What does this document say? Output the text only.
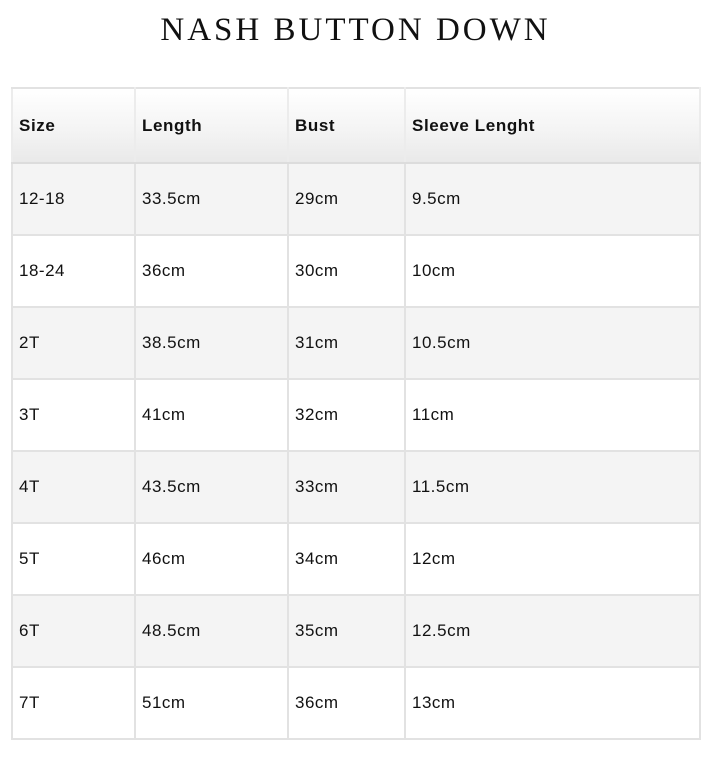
NASH BUTTON DOWN
Size	Length	Bust	Sleeve Lenght
12-18	33.5cm	29cm	9.5cm
18-24	36cm	30cm	10cm
2T	38.5cm	31cm	10.5cm
3T	41cm	32cm	11cm
4T	43.5cm	33cm	11.5cm
5T	46cm	34cm	12cm
6T	48.5cm	35cm	12.5cm
7T	51cm	36cm	13cm
